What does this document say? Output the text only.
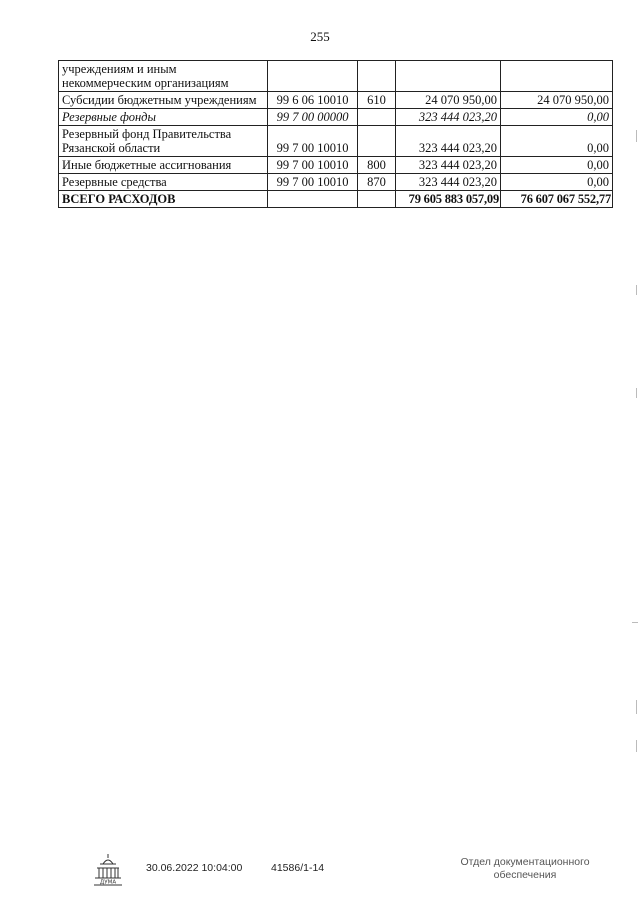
255
учреждениям и иным некоммерческим организациям				
Субсидии бюджетным учреждениям	99 6 06 10010	610	24 070 950,00	24 070 950,00
Резервные фонды	99 7 00 00000		323 444 023,20	0,00
Резервный фонд Правительства Рязанской области	99 7 00 10010		323 444 023,20	0,00
Иные бюджетные ассигнования	99 7 00 10010	800	323 444 023,20	0,00
Резервные средства	99 7 00 10010	870	323 444 023,20	0,00
ВСЕГО РАСХОДОВ			79 605 883 057,09	76 607 067 552,77
ДУМА
30.06.2022 10:04:00	41586/1-14	Отдел документационного
обеспечения
